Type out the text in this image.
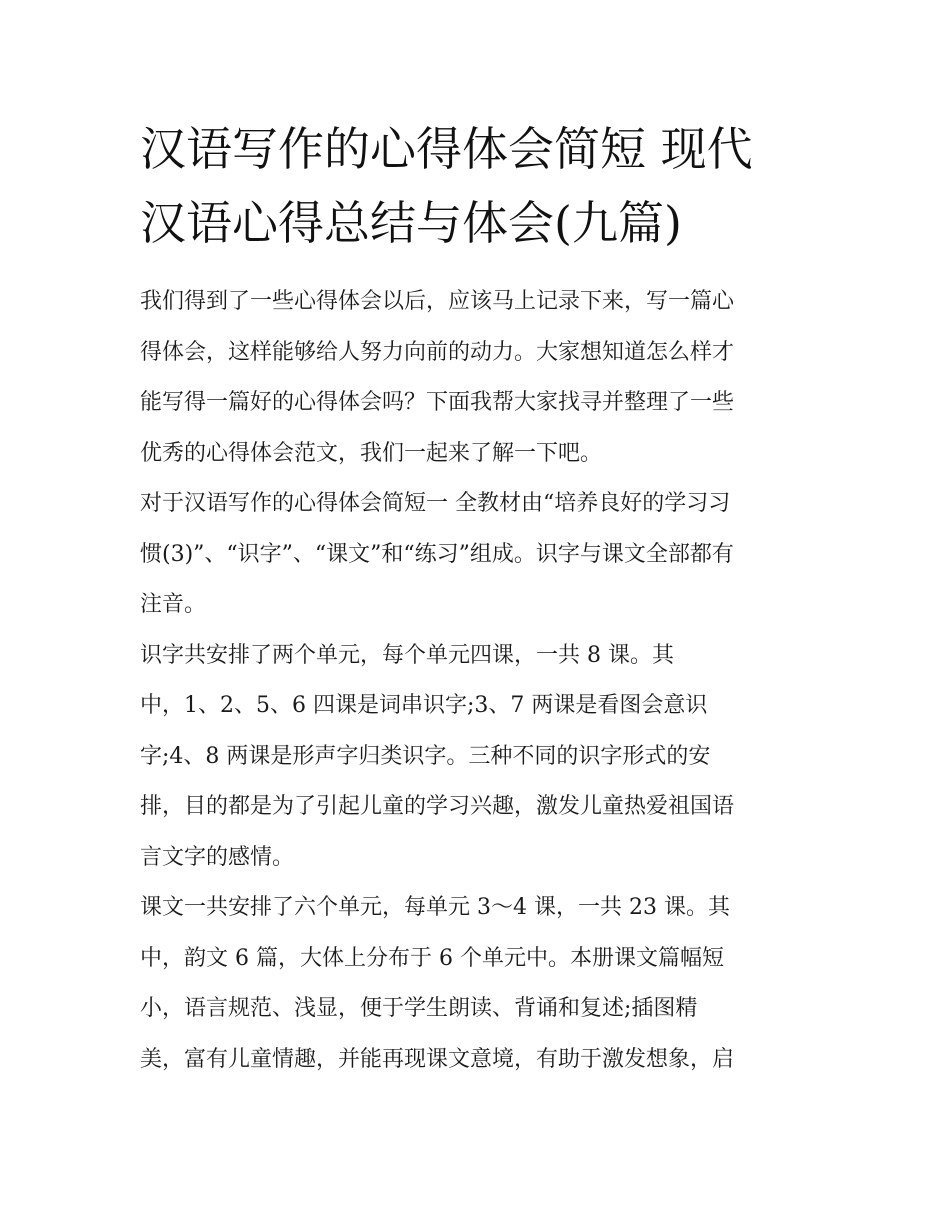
汉语写作的心得体会简短 现代
汉语心得总结与体会(九篇)
我们得到了一些心得体会以后，应该马上记录下来，写一篇心
得体会，这样能够给人努力向前的动力。大家想知道怎么样才
能写得一篇好的心得体会吗？下面我帮大家找寻并整理了一些
优秀的心得体会范文，我们一起来了解一下吧。
对于汉语写作的心得体会简短一 全教材由“培养良好的学习习
惯(3)”、“识字”、“课文”和“练习”组成。识字与课文全部都有
注音。
识字共安排了两个单元，每个单元四课，一共 8 课。其
中，1、2、5、6 四课是词串识字;3、7 两课是看图会意识
字;4、8 两课是形声字归类识字。三种不同的识字形式的安
排，目的都是为了引起儿童的学习兴趣，激发儿童热爱祖国语
言文字的感情。
课文一共安排了六个单元，每单元 3～4 课，一共 23 课。其
中，韵文 6 篇，大体上分布于 6 个单元中。本册课文篇幅短
小，语言规范、浅显，便于学生朗读、背诵和复述;插图精
美，富有儿童情趣，并能再现课文意境，有助于激发想象，启
